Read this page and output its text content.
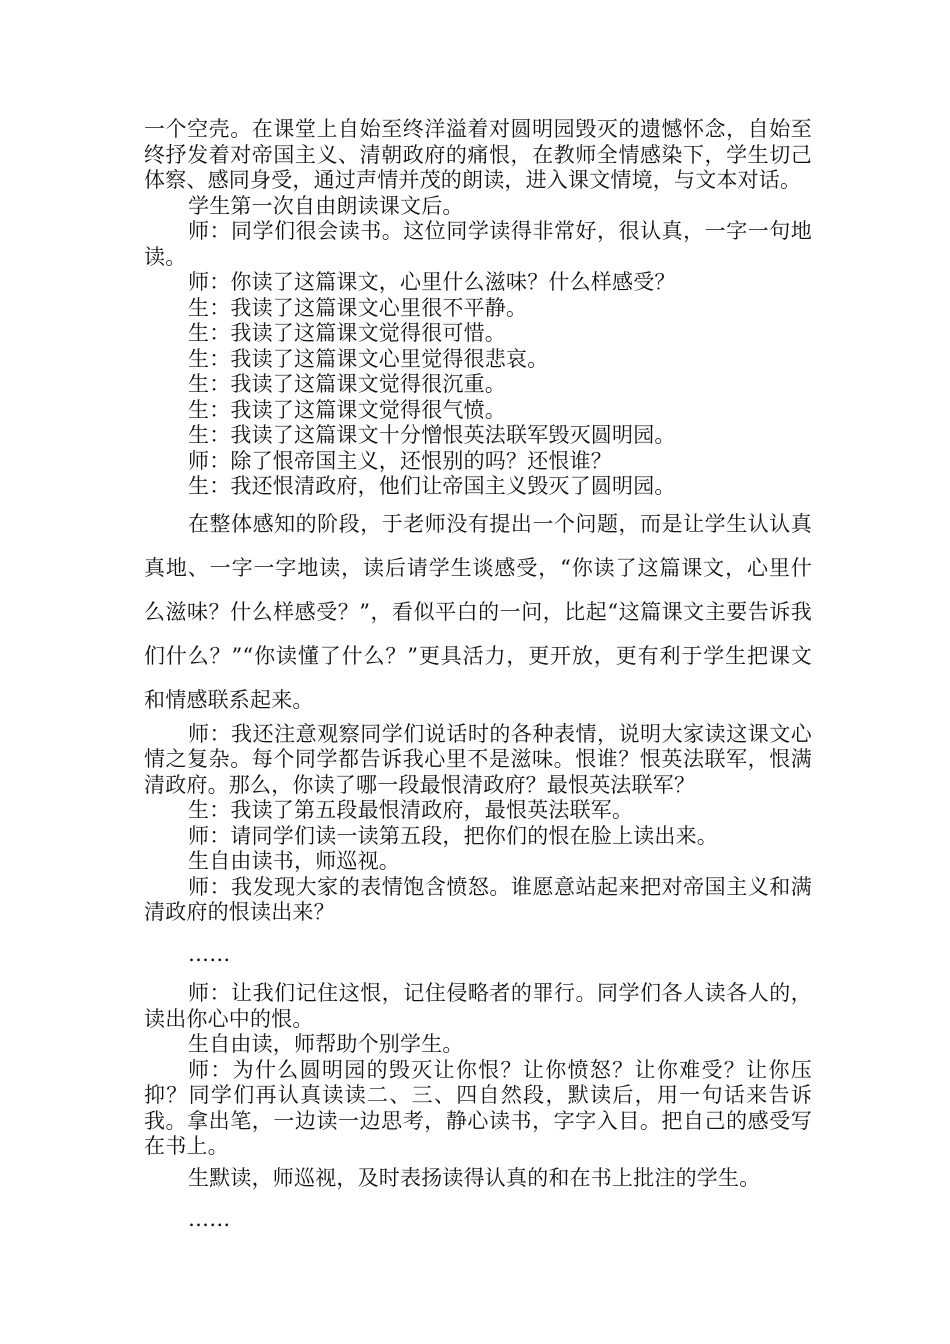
一个空壳。在课堂上自始至终洋溢着对圆明园毁灭的遗憾怀念，自始至终抒发着对帝国主义、清朝政府的痛恨，在教师全情感染下，学生切己体察、感同身受，通过声情并茂的朗读，进入课文情境，与文本对话。

学生第一次自由朗读课文后。

师：同学们很会读书。这位同学读得非常好，很认真，一字一句地读。

师：你读了这篇课文，心里什么滋味？什么样感受？

生：我读了这篇课文心里很不平静。

生：我读了这篇课文觉得很可惜。

生：我读了这篇课文心里觉得很悲哀。

生：我读了这篇课文觉得很沉重。

生：我读了这篇课文觉得很气愤。

生：我读了这篇课文十分憎恨英法联军毁灭圆明园。

师：除了恨帝国主义，还恨别的吗？还恨谁？

生：我还恨清政府，他们让帝国主义毁灭了圆明园。

在整体感知的阶段，于老师没有提出一个问题，而是让学生认认真真地、一字一字地读，读后请学生谈感受，“你读了这篇课文，心里什么滋味？什么样感受？”，看似平白的一问，比起“这篇课文主要告诉我们什么？”“你读懂了什么？”更具活力，更开放，更有利于学生把课文和情感联系起来。

师：我还注意观察同学们说话时的各种表情，说明大家读这课文心情之复杂。每个同学都告诉我心里不是滋味。恨谁？恨英法联军，恨满清政府。那么，你读了哪一段最恨清政府？最恨英法联军？

生：我读了第五段最恨清政府，最恨英法联军。

师：请同学们读一读第五段，把你们的恨在脸上读出来。

生自由读书，师巡视。

师：我发现大家的表情饱含愤怒。谁愿意站起来把对帝国主义和满清政府的恨读出来？

……

师：让我们记住这恨，记住侵略者的罪行。同学们各人读各人的，读出你心中的恨。

生自由读，师帮助个别学生。

师：为什么圆明园的毁灭让你恨？让你愤怒？让你难受？让你压抑？同学们再认真读读二、三、四自然段，默读后，用一句话来告诉我。拿出笔，一边读一边思考，静心读书，字字入目。把自己的感受写在书上。

生默读，师巡视，及时表扬读得认真的和在书上批注的学生。

……
